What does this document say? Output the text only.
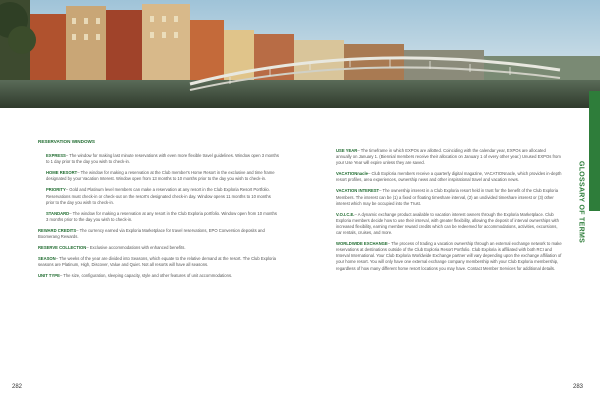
GLOSSARY OF TERMS

RESERVATION WINDOWS

EXPRESS– The window for making last minute reservations with even more flexible travel guidelines. Window open 3 months to 1 day prior to the day you wish to check-in.

HOME RESORT– The window for making a reservation at the Club member's Home Resort in the exclusive and time frame designated by your Vacation Interest. Window open from 13 months to 10 months prior to the day you wish to check-in.

PRIORITY– Gold and Platinum level members can make a reservation at any resort in the Club Exploria Resort Portfolio. Reservations must check-in or check-out on the resort's designated check-in day. Window opens 11 months to 10 months prior to the day you wish to check-in.

STANDARD– The window for making a reservation at any resort in the Club Exploria portfolio. Window open from 10 months 3 months prior to the day you wish to check-in.

REWARD CREDITS– The currency earned via Exploria Marketplace for travel reservations, EPO Conversion deposits and Boomerang Rewards.

RESERVE COLLECTION– Exclusive accommodations with enhanced benefits.

SEASON– The weeks of the year are divided into Seasons, which equate to the relative demand at the resort. The Club Exploria seasons are Platinum, High, Discover, Value and Quiet. Not all resorts will have all seasons.

UNIT TYPE– The size, configuration, sleeping capacity, style and other features of unit accommodations.

USE YEAR– The timeframe in which EXPOs are allotted. Coinciding with the calendar year, EXPOs are allocated annually on January 1. (Biennial members receive their allocation on January 1 of every other year.) Unused EXPOs from your Use Year will expire unless they are saved.

VACATIONnacle– Club Exploria members receive a quarterly digital magazine, VACATIONnacle, which provides in-depth resort profiles, area experiences, ownership news and other inspirational travel and vacation news.

VACATION INTEREST– The ownership interest in a Club Exploria resort held in trust for the benefit of the Club Exploria Members. The interest can be (1) a fixed or floating timeshare interval, (2) an undivided timeshare interest or (3) other interest which may be occupied into the Trust.

V.O.I.C.E.– A dynamic exchange product available to vacation interest owners through the Exploria Marketplace. Club Exploria members decide how to use their interval, with greater flexibility, allowing the deposit of interval ownerships with increased flexibility, earning member reward credits which can be redeemed for accommodations, activities, excursions, car rentals, cruises, and more.

WORLDWIDE EXCHANGE– The process of trading a vacation ownership through an external exchange network to make reservations at destinations outside of the Club Exploria Resort Portfolio. Club Exploria is affiliated with both RCI and Interval International. Your Club Exploria Worldwide Exchange partner will vary depending upon the exchange affiliation of your home resort. You will only have one external exchange company membership with your Club Exploria membership, regardless of how many different home resort locations you may have. Contact Member Services for additional details.

282	283
